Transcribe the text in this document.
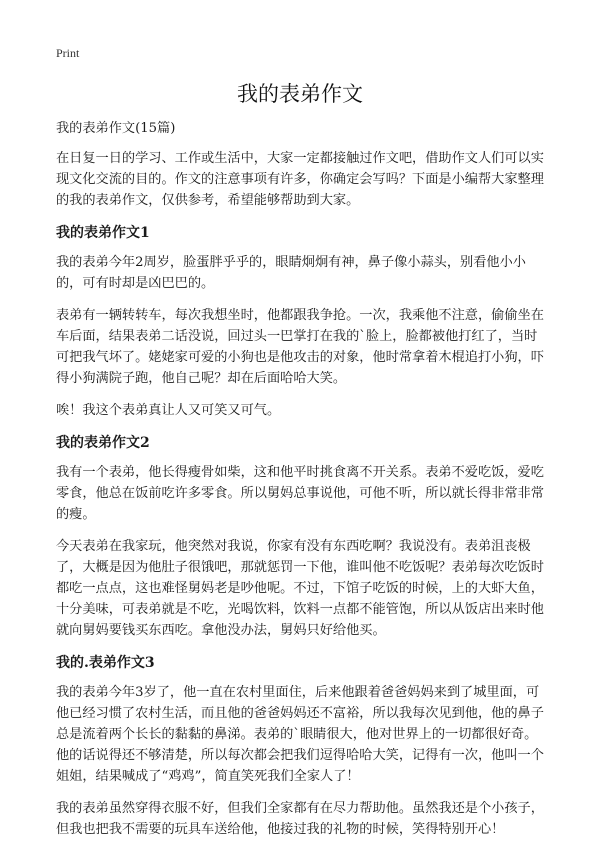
Print
我的表弟作文

我的表弟作文(15篇)

在日复一日的学习、工作或生活中，大家一定都接触过作文吧，借助作文人们可以实现文化交流的目的。作文的注意事项有许多，你确定会写吗？下面是小编帮大家整理的我的表弟作文，仅供参考，希望能够帮助到大家。

我的表弟作文1

我的表弟今年2周岁，脸蛋胖乎乎的，眼睛炯炯有神，鼻子像小蒜头，别看他小小的，可有时却是凶巴巴的。

表弟有一辆转转车，每次我想坐时，他都跟我争抢。一次，我乘他不注意，偷偷坐在车后面，结果表弟二话没说，回过头一巴掌打在我的`脸上，脸都被他打红了，当时可把我气坏了。姥姥家可爱的小狗也是他攻击的对象，他时常拿着木棍追打小狗，吓得小狗满院子跑，他自己呢？却在后面哈哈大笑。

唉！我这个表弟真让人又可笑又可气。

我的表弟作文2

我有一个表弟，他长得瘦骨如柴，这和他平时挑食离不开关系。表弟不爱吃饭，爱吃零食，他总在饭前吃许多零食。所以舅妈总事说他，可他不听，所以就长得非常非常的瘦。

今天表弟在我家玩，他突然对我说，你家有没有东西吃啊？我说没有。表弟沮丧极了，大概是因为他肚子很饿吧，那就惩罚一下他，谁叫他不吃饭呢？表弟每次吃饭时都吃一点点，这也难怪舅妈老是吵他呢。不过，下馆子吃饭的时候，上的大虾大鱼，十分美味，可表弟就是不吃，光喝饮料，饮料一点都不能管饱，所以从饭店出来时他就向舅妈要钱买东西吃。拿他没办法，舅妈只好给他买。

我的.表弟作文3

我的表弟今年3岁了，他一直在农村里面住，后来他跟着爸爸妈妈来到了城里面，可他已经习惯了农村生活，而且他的爸爸妈妈还不富裕，所以我每次见到他，他的鼻子总是流着两个长长的黏黏的鼻涕。表弟的`眼睛很大，他对世界上的一切都很好奇。他的话说得还不够清楚，所以每次都会把我们逗得哈哈大笑，记得有一次，他叫一个姐姐，结果喊成了“鸡鸡”，简直笑死我们全家人了！

我的表弟虽然穿得衣服不好，但我们全家都有在尽力帮助他。虽然我还是个小孩子，但我也把我不需要的玩具车送给他，他接过我的礼物的时候，笑得特别开心！
